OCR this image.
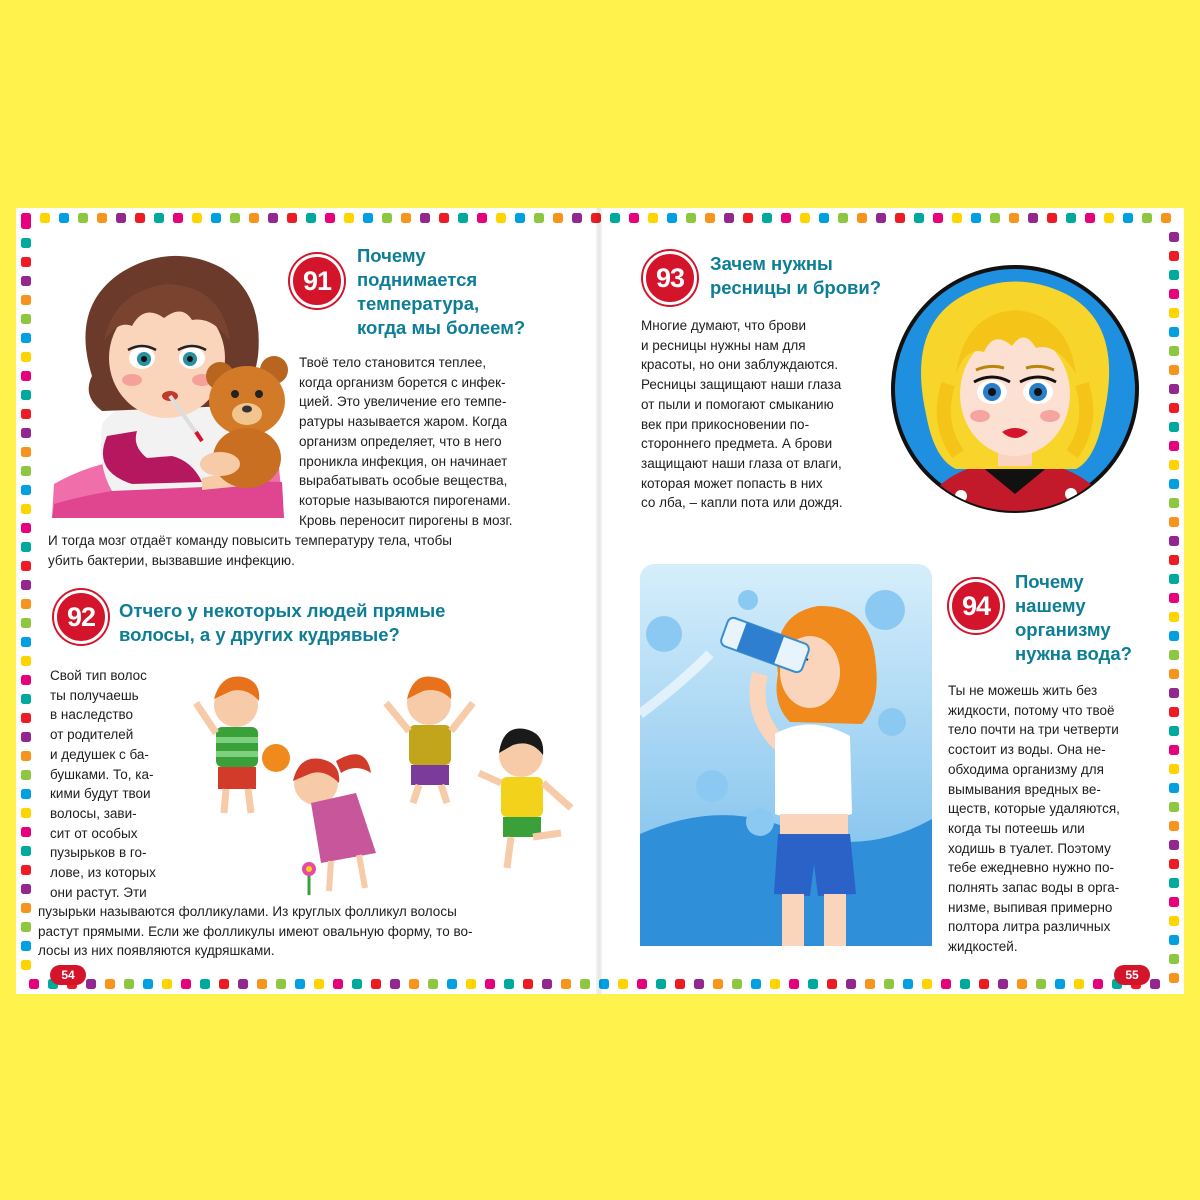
91
Почему
поднимается
температура,
когда мы болеем?
Твоё тело становится теплее,
когда организм борется с инфек-
цией. Это увеличение его темпе-
ратуры называется жаром. Когда
организм определяет, что в него
проникла инфекция, он начинает
вырабатывать особые вещества,
которые называются пирогенами.
Кровь переносит пирогены в мозг.
И тогда мозг отдаёт команду повысить температуру тела, чтобы
убить бактерии, вызвавшие инфекцию.
92	Отчего у некоторых людей прямые
волосы, а у других кудрявые?
Свой тип волос
ты получаешь
в наследство
от родителей
и дедушек с ба-
бушками. То, ка-
кими будут твои
волосы, зави-
сит от особых
пузырьков в го-
лове, из которых
они растут. Эти
пузырьки называются фолликулами. Из круглых фолликул волосы
растут прямыми. Если же фолликулы имеют овальную форму, то во-
лосы из них появляются кудряшками.
54
93	Зачем нужны
ресницы и брови?
Многие думают, что брови
и ресницы нужны нам для
красоты, но они заблуждаются.
Ресницы защищают наши глаза
от пыли и помогают смыканию
век при прикосновении по-
стороннего предмета. А брови
защищают наши глаза от влаги,
которая может попасть в них
со лба, – капли пота или дождя.
94
Почему
нашему
организму
нужна вода?
Ты не можешь жить без
жидкости, потому что твоё
тело почти на три четверти
состоит из воды. Она не-
обходима организму для
вымывания вредных ве-
ществ, которые удаляются,
когда ты потеешь или
ходишь в туалет. Поэтому
тебе ежедневно нужно по-
полнять запас воды в орга-
низме, выпивая примерно
полтора литра различных
жидкостей.
55
